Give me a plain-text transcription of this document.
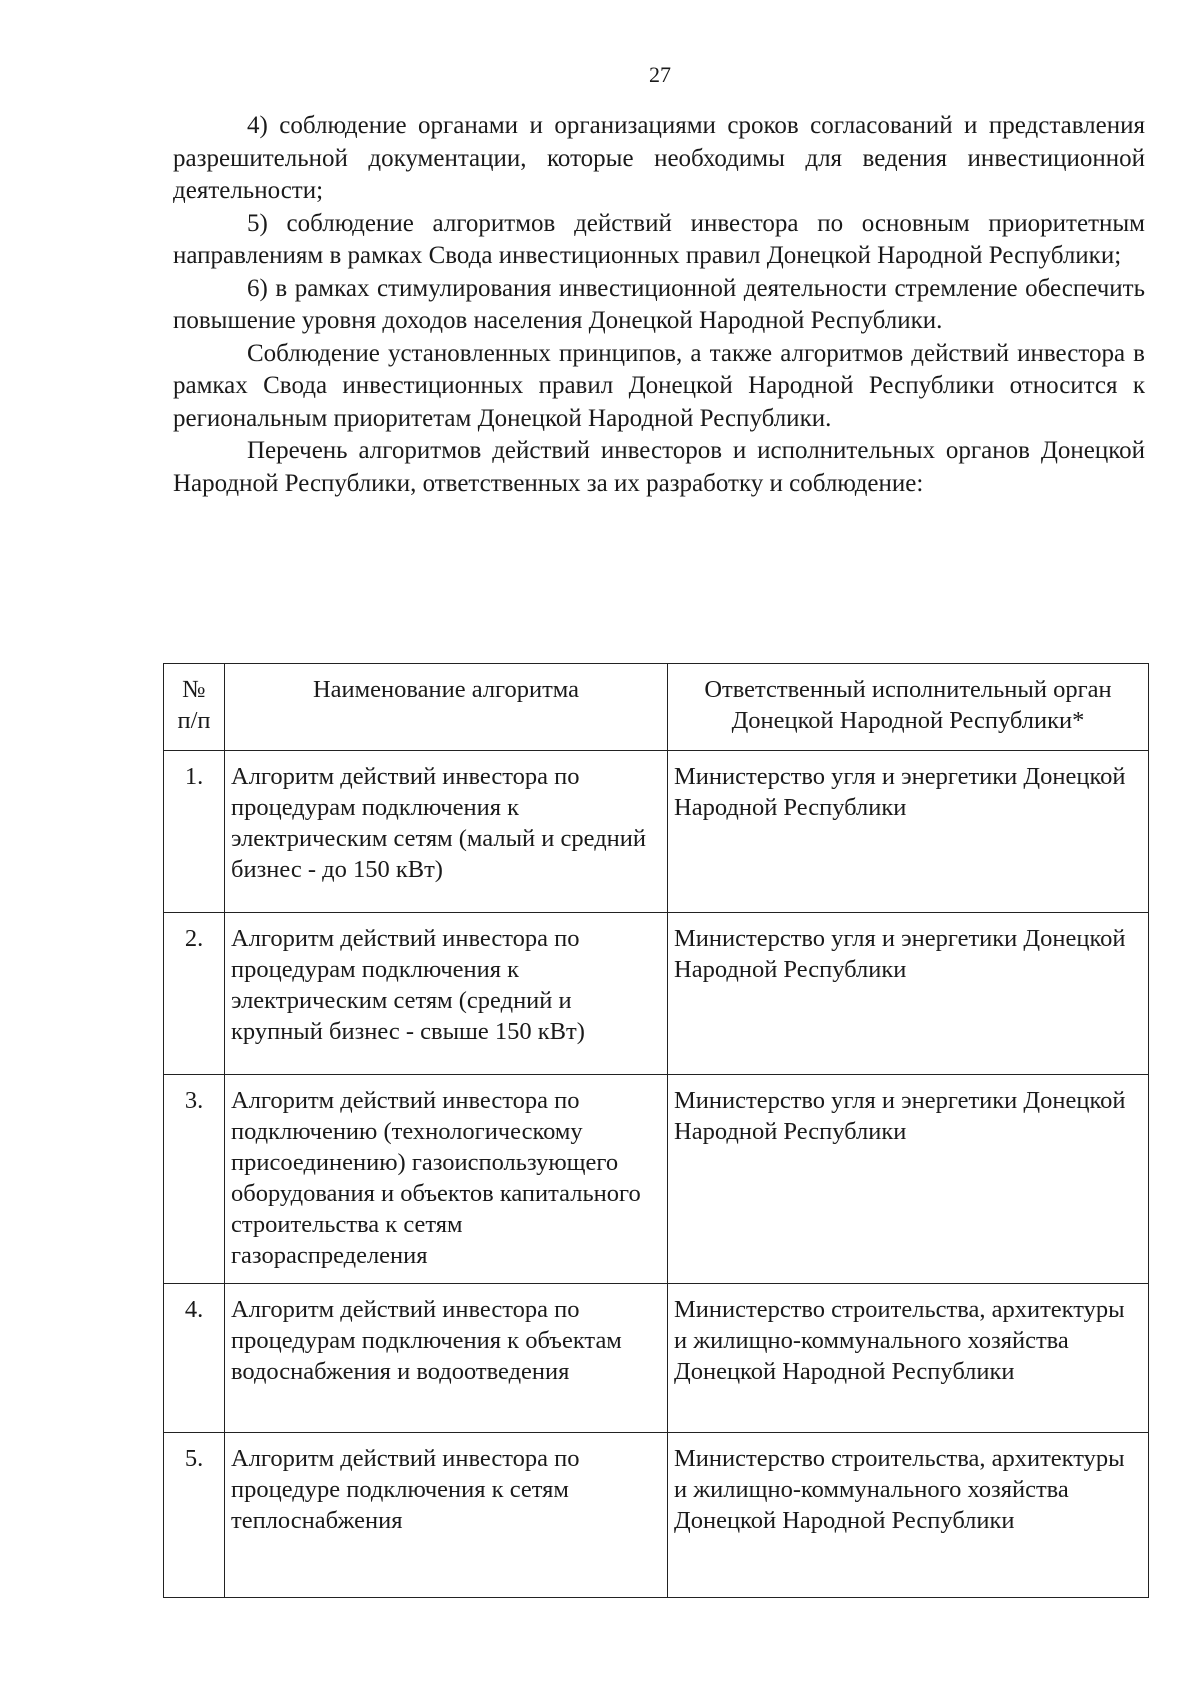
27

4) соблюдение органами и организациями сроков согласований и представления разрешительной документации, которые необходимы для ведения инвестиционной деятельности;

5) соблюдение алгоритмов действий инвестора по основным приоритетным направлениям в рамках Свода инвестиционных правил Донецкой Народной Республики;

6) в рамках стимулирования инвестиционной деятельности стремление обеспечить повышение уровня доходов населения Донецкой Народной Республики.

Соблюдение установленных принципов, а также алгоритмов действий инвестора в рамках Свода инвестиционных правил Донецкой Народной Республики относится к региональным приоритетам Донецкой Народной Республики.

Перечень алгоритмов действий инвесторов и исполнительных органов Донецкой Народной Республики, ответственных за их разработку и соблюдение:

№
п/п	Наименование алгоритма	Ответственный исполнительный орган Донецкой Народной Республики*
1.	Алгоритм действий инвестора по процедурам подключения к электрическим сетям (малый и средний бизнес - до 150 кВт)	Министерство угля и энергетики Донецкой Народной Республики
2.	Алгоритм действий инвестора по процедурам подключения к электрическим сетям (средний и крупный бизнес - свыше 150 кВт)	Министерство угля и энергетики Донецкой Народной Республики
3.	Алгоритм действий инвестора по подключению (технологическому присоединению) газоиспользующего оборудования и объектов капитального строительства к сетям газораспределения	Министерство угля и энергетики Донецкой Народной Республики
4.	Алгоритм действий инвестора по процедурам подключения к объектам водоснабжения и водоотведения	Министерство строительства, архитектуры и жилищно-коммунального хозяйства Донецкой Народной Республики
5.	Алгоритм действий инвестора по процедуре подключения к сетям теплоснабжения	Министерство строительства, архитектуры и жилищно-коммунального хозяйства Донецкой Народной Республики
